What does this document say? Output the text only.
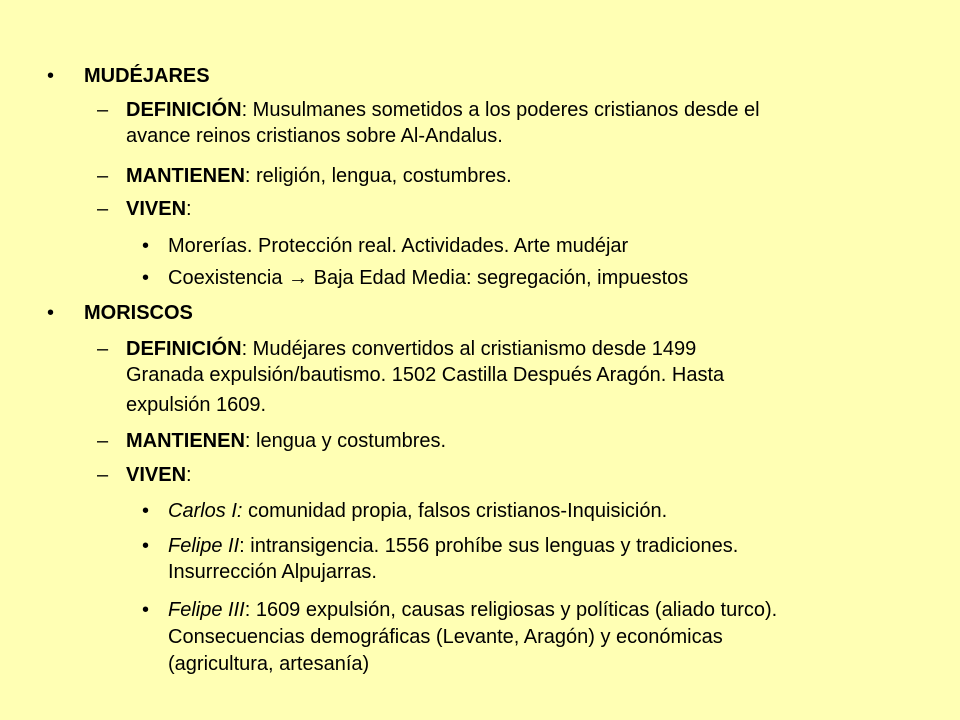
• MUDÉJARES
– DEFINICIÓN: Musulmanes sometidos a los poderes cristianos desde el
avance reinos cristianos sobre Al-Andalus.
– MANTIENEN: religión, lengua, costumbres.
– VIVEN:
• Morerías. Protección real. Actividades. Arte mudéjar
• Coexistencia → Baja Edad Media: segregación, impuestos
• MORISCOS
– DEFINICIÓN: Mudéjares convertidos al cristianismo desde 1499
Granada expulsión/bautismo. 1502 Castilla Después Aragón. Hasta
expulsión 1609.
– MANTIENEN: lengua y costumbres.
– VIVEN:
• Carlos I: comunidad propia, falsos cristianos-Inquisición.
• Felipe II: intransigencia. 1556 prohíbe sus lenguas y tradiciones.
Insurrección Alpujarras.
• Felipe III: 1609 expulsión, causas religiosas y políticas (aliado turco).
Consecuencias demográficas (Levante, Aragón) y económicas
(agricultura, artesanía)
